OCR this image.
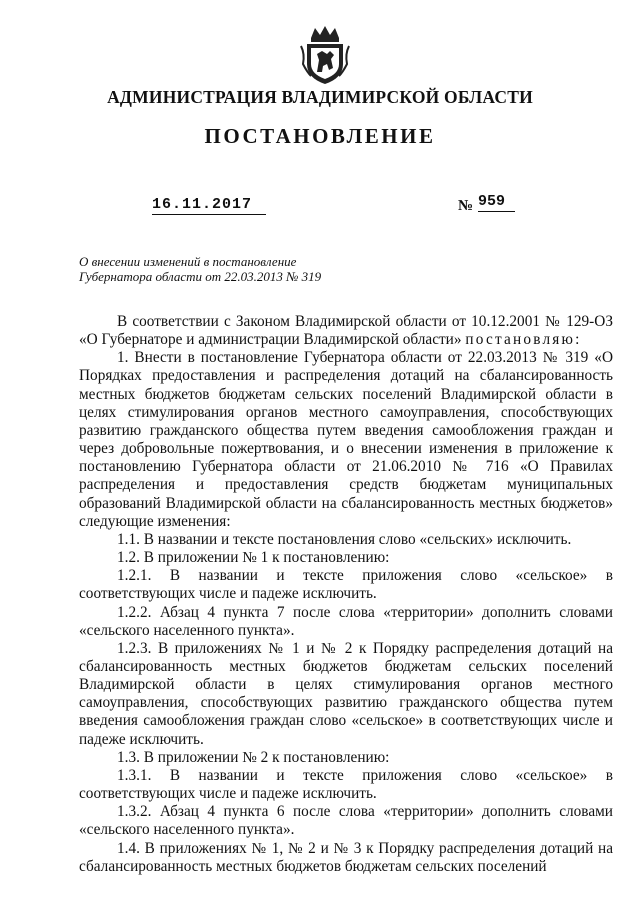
АДМИНИСТРАЦИЯ ВЛАДИМИРСКОЙ ОБЛАСТИ
ПОСТАНОВЛЕНИЕ
16.11.2017	№ 959
О внесении изменений в постановление
Губернатора области от 22.03.2013 № 319

В соответствии с Законом Владимирской области от 10.12.2001 № 129-ОЗ «О Губернаторе и администрации Владимирской области» постановляю:

1. Внести в постановление Губернатора области от 22.03.2013 № 319 «О Порядках предоставления и распределения дотаций на сбалансированность местных бюджетов бюджетам сельских поселений Владимирской области в целях стимулирования органов местного самоуправления, способствующих развитию гражданского общества путем введения самообложения граждан и через добровольные пожертвования, и о внесении изменения в приложение к постановлению Губернатора области от 21.06.2010 № 716 «О Правилах распределения и предоставления средств бюджетам муниципальных образований Владимирской области на сбалансированность местных бюджетов» следующие изменения:

1.1. В названии и тексте постановления слово «сельских» исключить.

1.2. В приложении № 1 к постановлению:

1.2.1. В названии и тексте приложения слово «сельское» в соответствующих числе и падеже исключить.

1.2.2. Абзац 4 пункта 7 после слова «территории» дополнить словами «сельского населенного пункта».

1.2.3. В приложениях № 1 и № 2 к Порядку распределения дотаций на сбалансированность местных бюджетов бюджетам сельских поселений Владимирской области в целях стимулирования органов местного самоуправления, способствующих развитию гражданского общества путем введения самообложения граждан слово «сельское» в соответствующих числе и падеже исключить.

1.3. В приложении № 2 к постановлению:

1.3.1. В названии и тексте приложения слово «сельское» в соответствующих числе и падеже исключить.

1.3.2. Абзац 4 пункта 6 после слова «территории» дополнить словами «сельского населенного пункта».

1.4. В приложениях № 1, № 2 и № 3 к Порядку распределения дотаций на сбалансированность местных бюджетов бюджетам сельских поселений
